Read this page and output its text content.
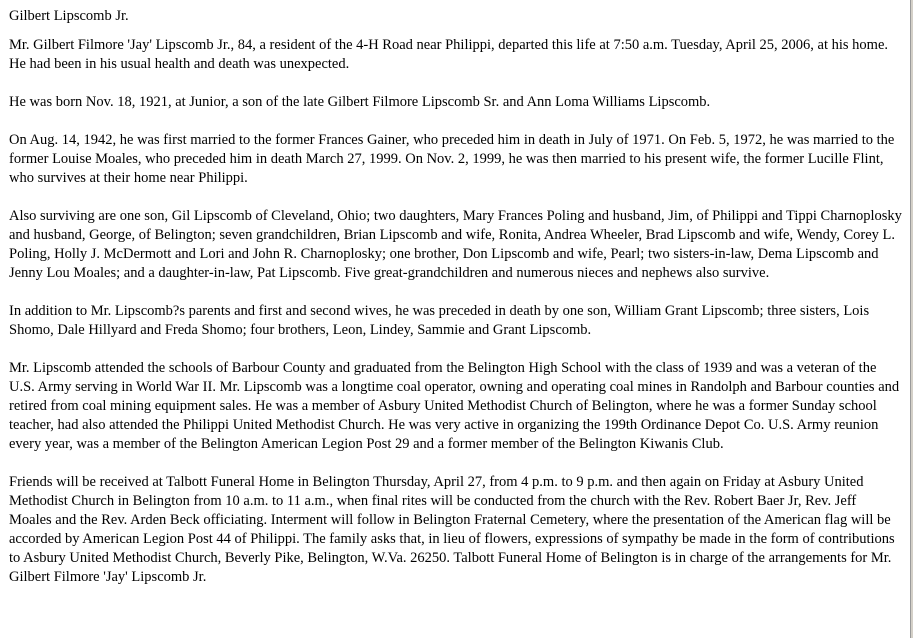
Gilbert Lipscomb Jr.

Mr. Gilbert Filmore 'Jay' Lipscomb Jr., 84, a resident of the 4-H Road near Philippi, departed this life at 7:50 a.m. Tuesday, April 25, 2006, at his home. He had been in his usual health and death was unexpected.

He was born Nov. 18, 1921, at Junior, a son of the late Gilbert Filmore Lipscomb Sr. and Ann Loma Williams Lipscomb.

On Aug. 14, 1942, he was first married to the former Frances Gainer, who preceded him in death in July of 1971. On Feb. 5, 1972, he was married to the former Louise Moales, who preceded him in death March 27, 1999. On Nov. 2, 1999, he was then married to his present wife, the former Lucille Flint, who survives at their home near Philippi.

Also surviving are one son, Gil Lipscomb of Cleveland, Ohio; two daughters, Mary Frances Poling and husband, Jim, of Philippi and Tippi Charnoplosky and husband, George, of Belington; seven grandchildren, Brian Lipscomb and wife, Ronita, Andrea Wheeler, Brad Lipscomb and wife, Wendy, Corey L. Poling, Holly J. McDermott and Lori and John R. Charnoplosky; one brother, Don Lipscomb and wife, Pearl; two sisters-in-law, Dema Lipscomb and Jenny Lou Moales; and a daughter-in-law, Pat Lipscomb. Five great-grandchildren and numerous nieces and nephews also survive.

In addition to Mr. Lipscomb?s parents and first and second wives, he was preceded in death by one son, William Grant Lipscomb; three sisters, Lois Shomo, Dale Hillyard and Freda Shomo; four brothers, Leon, Lindey, Sammie and Grant Lipscomb.

Mr. Lipscomb attended the schools of Barbour County and graduated from the Belington High School with the class of 1939 and was a veteran of the U.S. Army serving in World War II. Mr. Lipscomb was a longtime coal operator, owning and operating coal mines in Randolph and Barbour counties and retired from coal mining equipment sales. He was a member of Asbury United Methodist Church of Belington, where he was a former Sunday school teacher, had also attended the Philippi United Methodist Church. He was very active in organizing the 199th Ordinance Depot Co. U.S. Army reunion every year, was a member of the Belington American Legion Post 29 and a former member of the Belington Kiwanis Club.

Friends will be received at Talbott Funeral Home in Belington Thursday, April 27, from 4 p.m. to 9 p.m. and then again on Friday at Asbury United Methodist Church in Belington from 10 a.m. to 11 a.m., when final rites will be conducted from the church with the Rev. Robert Baer Jr, Rev. Jeff Moales and the Rev. Arden Beck officiating. Interment will follow in Belington Fraternal Cemetery, where the presentation of the American flag will be accorded by American Legion Post 44 of Philippi. The family asks that, in lieu of flowers, expressions of sympathy be made in the form of contributions to Asbury United Methodist Church, Beverly Pike, Belington, W.Va. 26250. Talbott Funeral Home of Belington is in charge of the arrangements for Mr. Gilbert Filmore 'Jay' Lipscomb Jr.
